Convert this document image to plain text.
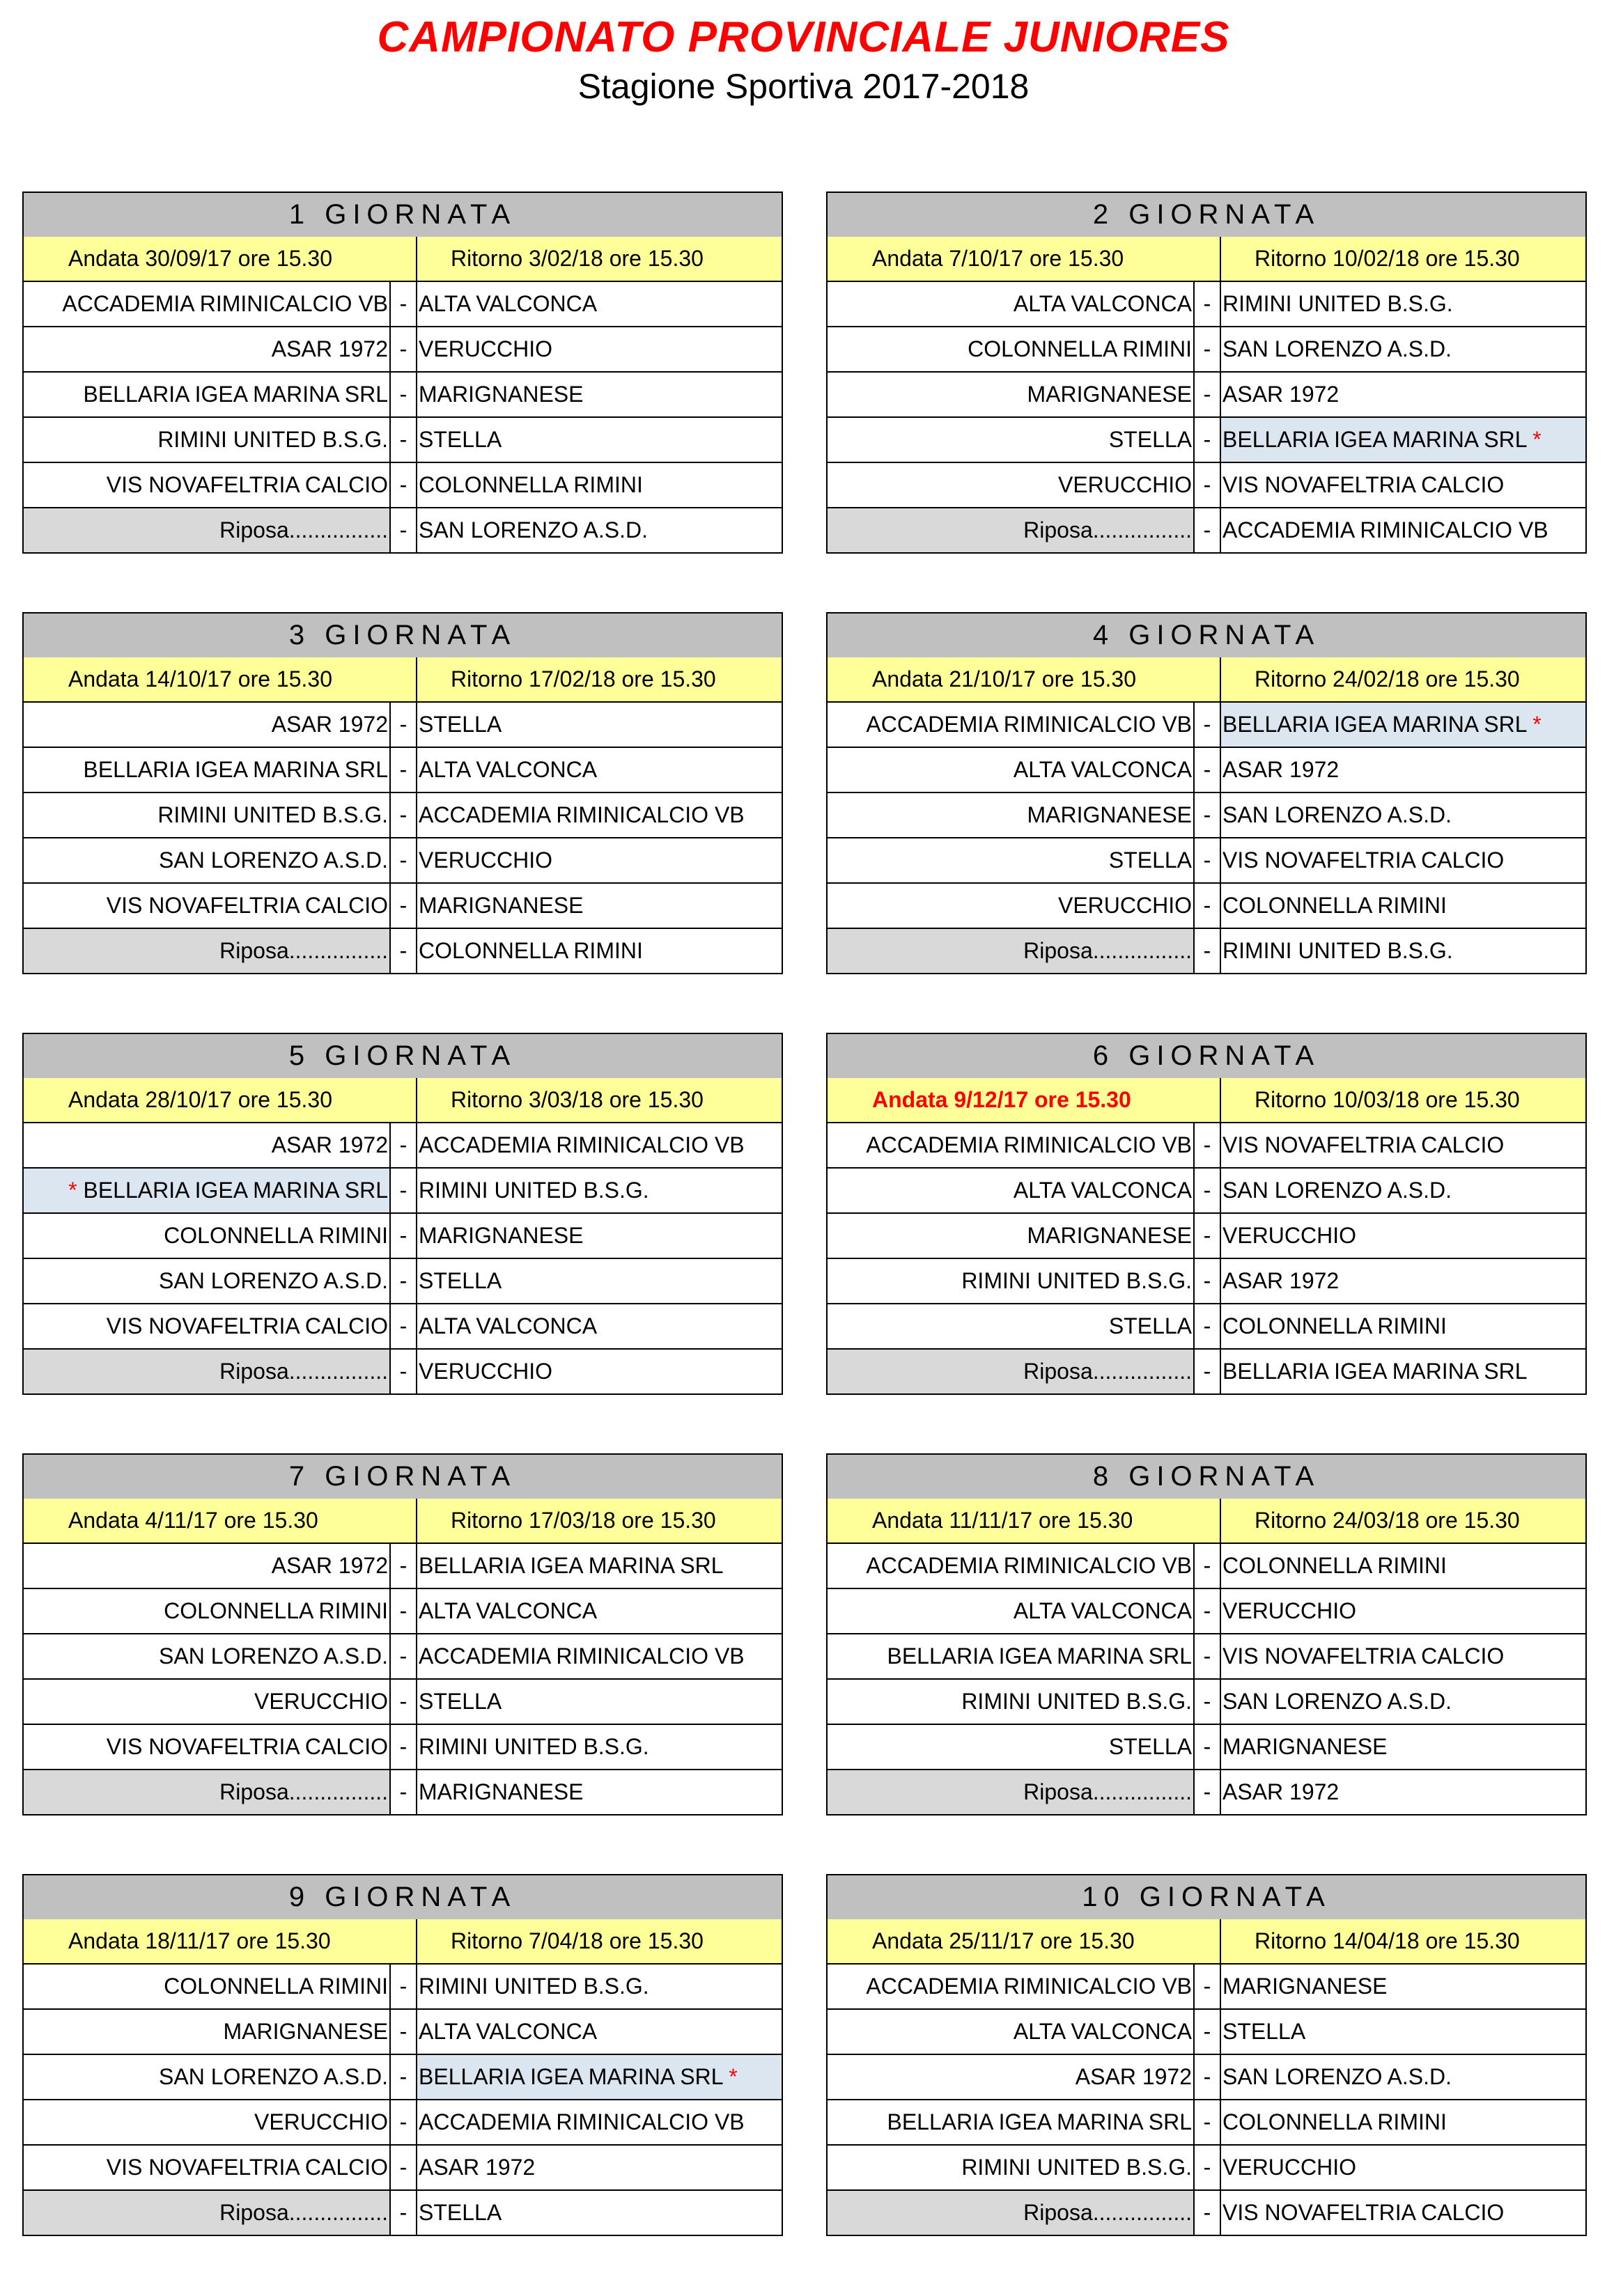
CAMPIONATO PROVINCIALE JUNIORES
Stagione Sportiva 2017-2018
1 GIORNATA		
Andata 30/09/17 ore 15.30		Ritorno 3/02/18 ore 15.30
ACCADEMIA RIMINICALCIO VB	-	ALTA VALCONCA
ASAR 1972	-	VERUCCHIO
BELLARIA IGEA MARINA SRL	-	MARIGNANESE
RIMINI UNITED B.S.G.	-	STELLA
VIS NOVAFELTRIA CALCIO	-	COLONNELLA RIMINI
Riposa................	-	SAN LORENZO A.S.D.
2 GIORNATA		
Andata 7/10/17 ore 15.30		Ritorno 10/02/18 ore 15.30
ALTA VALCONCA	-	RIMINI UNITED B.S.G.
COLONNELLA RIMINI	-	SAN LORENZO A.S.D.
MARIGNANESE	-	ASAR 1972
STELLA	-	BELLARIA IGEA MARINA SRL *
VERUCCHIO	-	VIS NOVAFELTRIA CALCIO
Riposa................	-	ACCADEMIA RIMINICALCIO VB
3 GIORNATA		
Andata 14/10/17 ore 15.30		Ritorno 17/02/18 ore 15.30
ASAR 1972	-	STELLA
BELLARIA IGEA MARINA SRL	-	ALTA VALCONCA
RIMINI UNITED B.S.G.	-	ACCADEMIA RIMINICALCIO VB
SAN LORENZO A.S.D.	-	VERUCCHIO
VIS NOVAFELTRIA CALCIO	-	MARIGNANESE
Riposa................	-	COLONNELLA RIMINI
4 GIORNATA		
Andata 21/10/17 ore 15.30		Ritorno 24/02/18 ore 15.30
ACCADEMIA RIMINICALCIO VB	-	BELLARIA IGEA MARINA SRL *
ALTA VALCONCA	-	ASAR 1972
MARIGNANESE	-	SAN LORENZO A.S.D.
STELLA	-	VIS NOVAFELTRIA CALCIO
VERUCCHIO	-	COLONNELLA RIMINI
Riposa................	-	RIMINI UNITED B.S.G.
5 GIORNATA		
Andata 28/10/17 ore 15.30		Ritorno 3/03/18 ore 15.30
ASAR 1972	-	ACCADEMIA RIMINICALCIO VB
* BELLARIA IGEA MARINA SRL	-	RIMINI UNITED B.S.G.
COLONNELLA RIMINI	-	MARIGNANESE
SAN LORENZO A.S.D.	-	STELLA
VIS NOVAFELTRIA CALCIO	-	ALTA VALCONCA
Riposa................	-	VERUCCHIO
6 GIORNATA		
Andata 9/12/17 ore 15.30		Ritorno 10/03/18 ore 15.30
ACCADEMIA RIMINICALCIO VB	-	VIS NOVAFELTRIA CALCIO
ALTA VALCONCA	-	SAN LORENZO A.S.D.
MARIGNANESE	-	VERUCCHIO
RIMINI UNITED B.S.G.	-	ASAR 1972
STELLA	-	COLONNELLA RIMINI
Riposa................	-	BELLARIA IGEA MARINA SRL
7 GIORNATA		
Andata 4/11/17 ore 15.30		Ritorno 17/03/18 ore 15.30
ASAR 1972	-	BELLARIA IGEA MARINA SRL
COLONNELLA RIMINI	-	ALTA VALCONCA
SAN LORENZO A.S.D.	-	ACCADEMIA RIMINICALCIO VB
VERUCCHIO	-	STELLA
VIS NOVAFELTRIA CALCIO	-	RIMINI UNITED B.S.G.
Riposa................	-	MARIGNANESE
8 GIORNATA		
Andata 11/11/17 ore 15.30		Ritorno 24/03/18 ore 15.30
ACCADEMIA RIMINICALCIO VB	-	COLONNELLA RIMINI
ALTA VALCONCA	-	VERUCCHIO
BELLARIA IGEA MARINA SRL	-	VIS NOVAFELTRIA CALCIO
RIMINI UNITED B.S.G.	-	SAN LORENZO A.S.D.
STELLA	-	MARIGNANESE
Riposa................	-	ASAR 1972
9 GIORNATA		
Andata 18/11/17 ore 15.30		Ritorno 7/04/18 ore 15.30
COLONNELLA RIMINI	-	RIMINI UNITED B.S.G.
MARIGNANESE	-	ALTA VALCONCA
SAN LORENZO A.S.D.	-	BELLARIA IGEA MARINA SRL *
VERUCCHIO	-	ACCADEMIA RIMINICALCIO VB
VIS NOVAFELTRIA CALCIO	-	ASAR 1972
Riposa................	-	STELLA
10 GIORNATA		
Andata 25/11/17 ore 15.30		Ritorno 14/04/18 ore 15.30
ACCADEMIA RIMINICALCIO VB	-	MARIGNANESE
ALTA VALCONCA	-	STELLA
ASAR 1972	-	SAN LORENZO A.S.D.
BELLARIA IGEA MARINA SRL	-	COLONNELLA RIMINI
RIMINI UNITED B.S.G.	-	VERUCCHIO
Riposa................	-	VIS NOVAFELTRIA CALCIO
